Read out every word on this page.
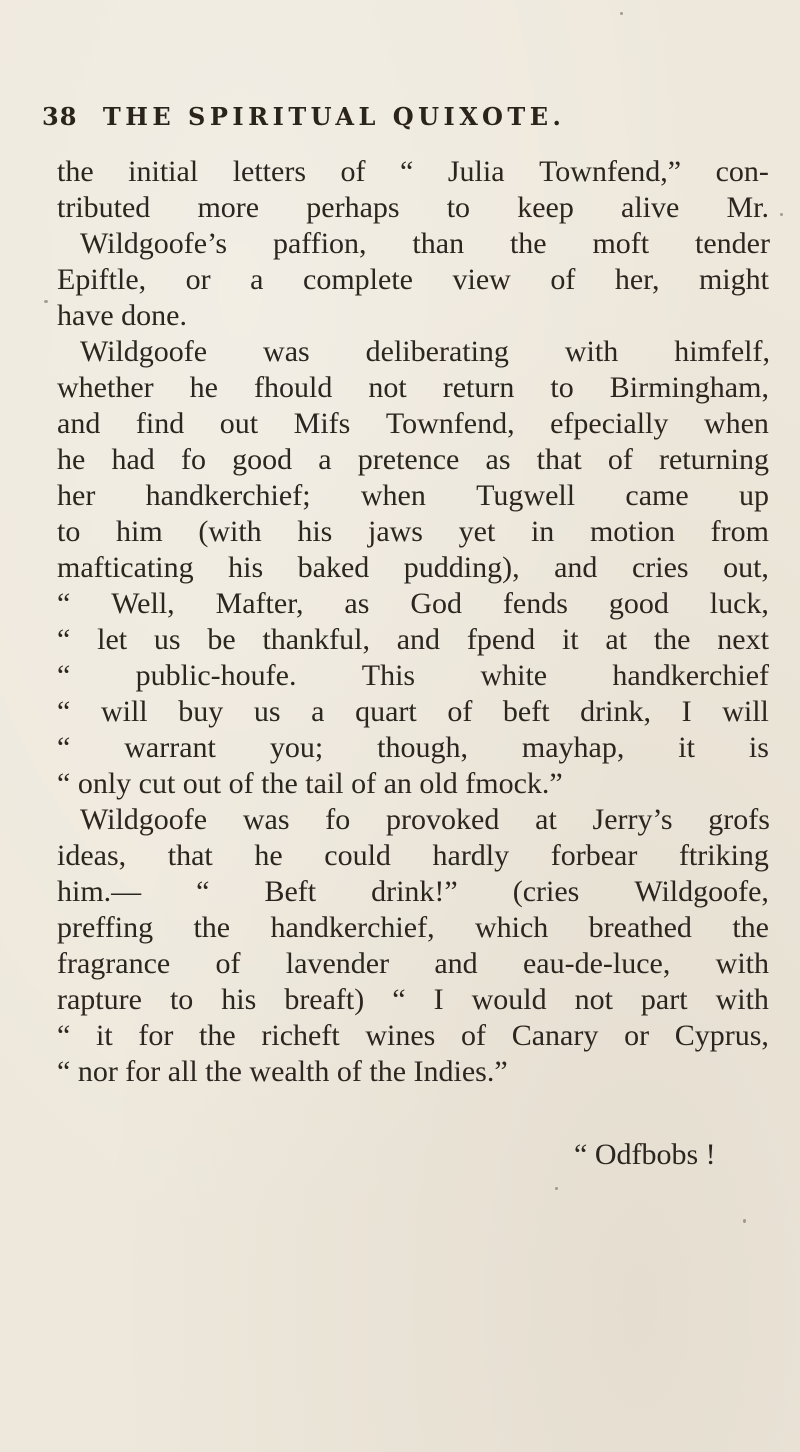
38 THE SPIRITUAL QUIXOTE.
the initial letters of “ Julia Townfend,” con-
tributed more perhaps to keep alive Mr.
Wildgoofe’s paffion, than the moft tender
Epiftle, or a complete view of her, might
have done.
Wildgoofe was deliberating with himfelf,
whether he fhould not return to Birmingham,
and find out Mifs Townfend, efpecially when
he had fo good a pretence as that of returning
her handkerchief; when Tugwell came up
to him (with his jaws yet in motion from
mafticating his baked pudding), and cries out,
“ Well, Mafter, as God fends good luck,
“ let us be thankful, and fpend it at the next
“ public-houfe. This white handkerchief
“ will buy us a quart of beft drink, I will
“ warrant you; though, mayhap, it is
“ only cut out of the tail of an old fmock.”
Wildgoofe was fo provoked at Jerry’s grofs
ideas, that he could hardly forbear ftriking
him.— “ Beft drink!” (cries Wildgoofe,
preffing the handkerchief, which breathed the
fragrance of lavender and eau-de-luce, with
rapture to his breaft) “ I would not part with
“ it for the richeft wines of Canary or Cyprus,
“ nor for all the wealth of the Indies.”
“ Odfbobs !
